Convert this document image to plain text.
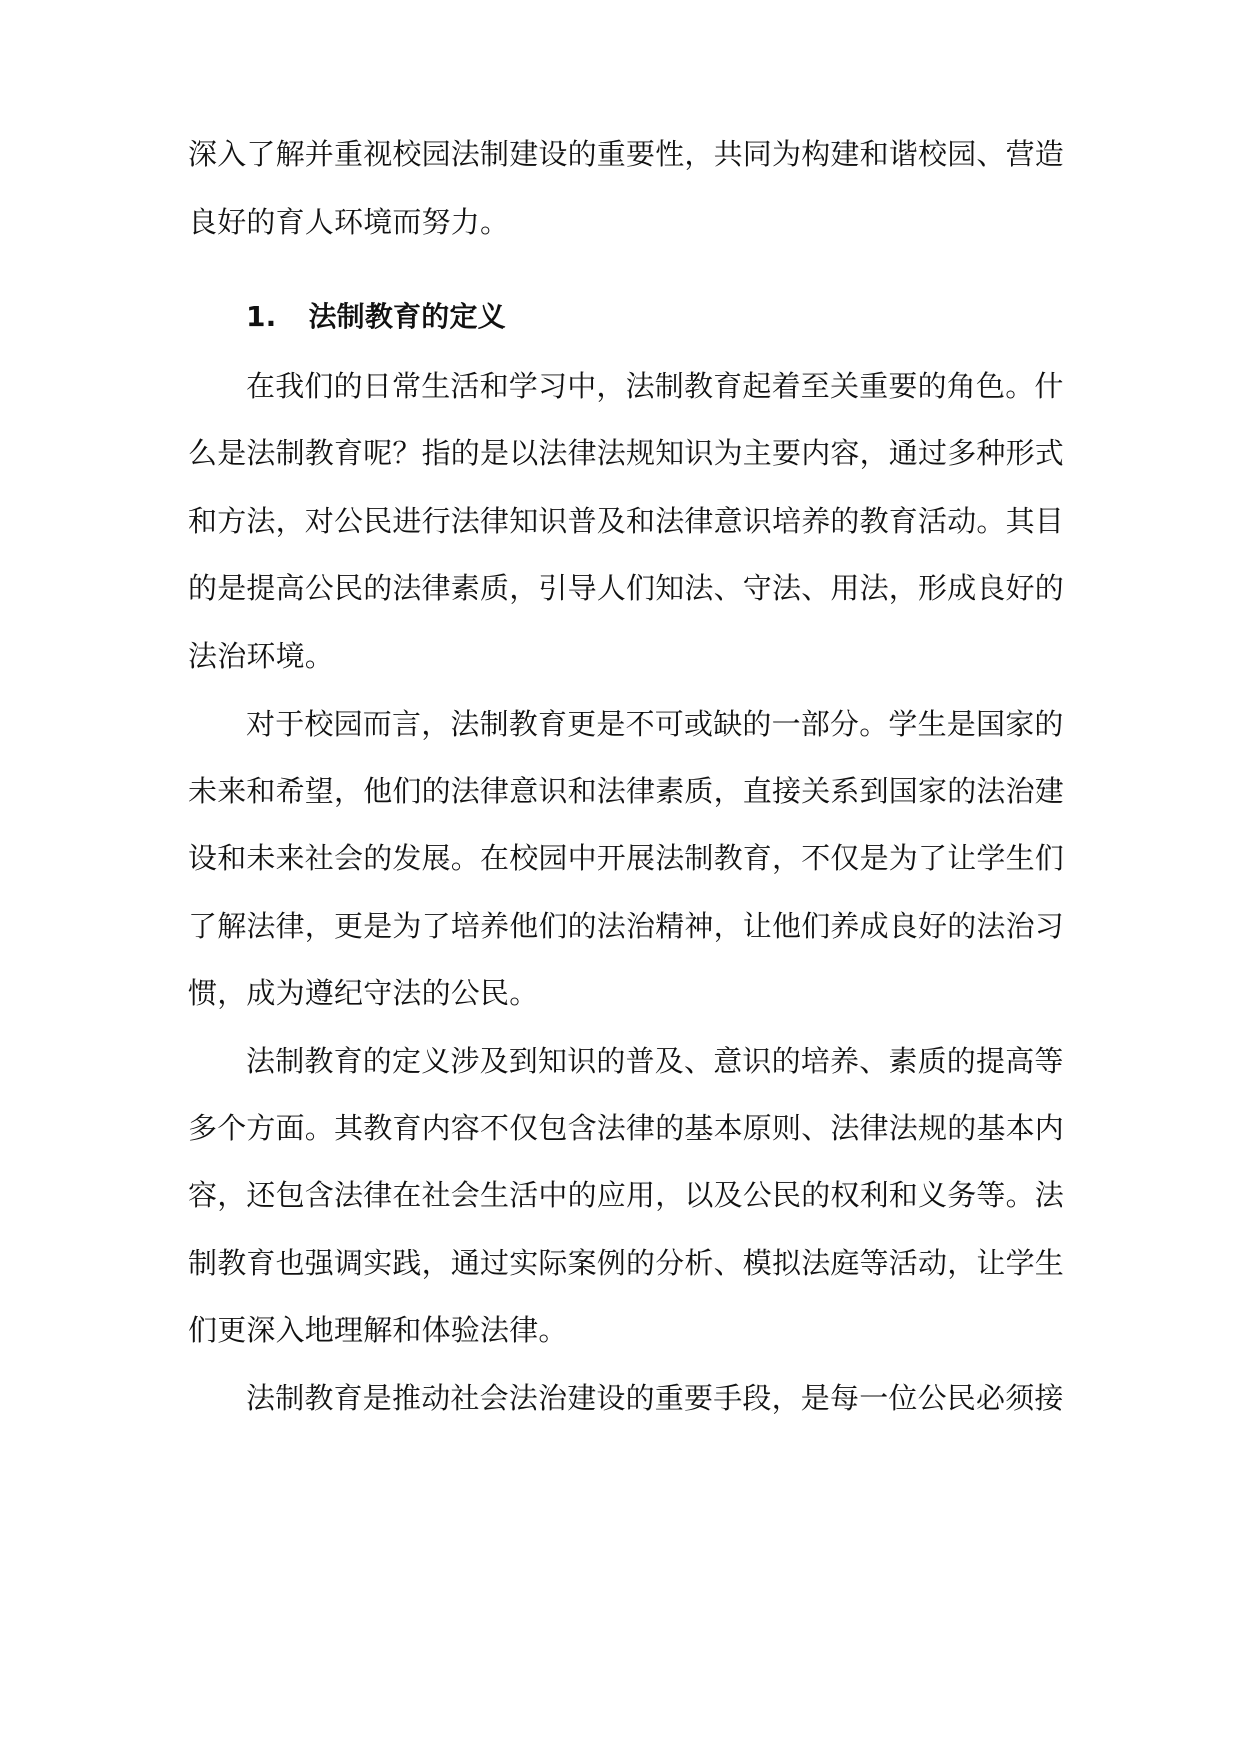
深入了解并重视校园法制建设的重要性，共同为构建和谐校园、营造
良好的育人环境而努力。
1. 法制教育的定义
在我们的日常生活和学习中，法制教育起着至关重要的角色。什
么是法制教育呢？指的是以法律法规知识为主要内容，通过多种形式
和方法，对公民进行法律知识普及和法律意识培养的教育活动。其目
的是提高公民的法律素质，引导人们知法、守法、用法，形成良好的
法治环境。
对于校园而言，法制教育更是不可或缺的一部分。学生是国家的
未来和希望，他们的法律意识和法律素质，直接关系到国家的法治建
设和未来社会的发展。在校园中开展法制教育，不仅是为了让学生们
了解法律，更是为了培养他们的法治精神，让他们养成良好的法治习
惯，成为遵纪守法的公民。
法制教育的定义涉及到知识的普及、意识的培养、素质的提高等
多个方面。其教育内容不仅包含法律的基本原则、法律法规的基本内
容，还包含法律在社会生活中的应用，以及公民的权利和义务等。法
制教育也强调实践，通过实际案例的分析、模拟法庭等活动，让学生
们更深入地理解和体验法律。
法制教育是推动社会法治建设的重要手段，是每一位公民必须接
